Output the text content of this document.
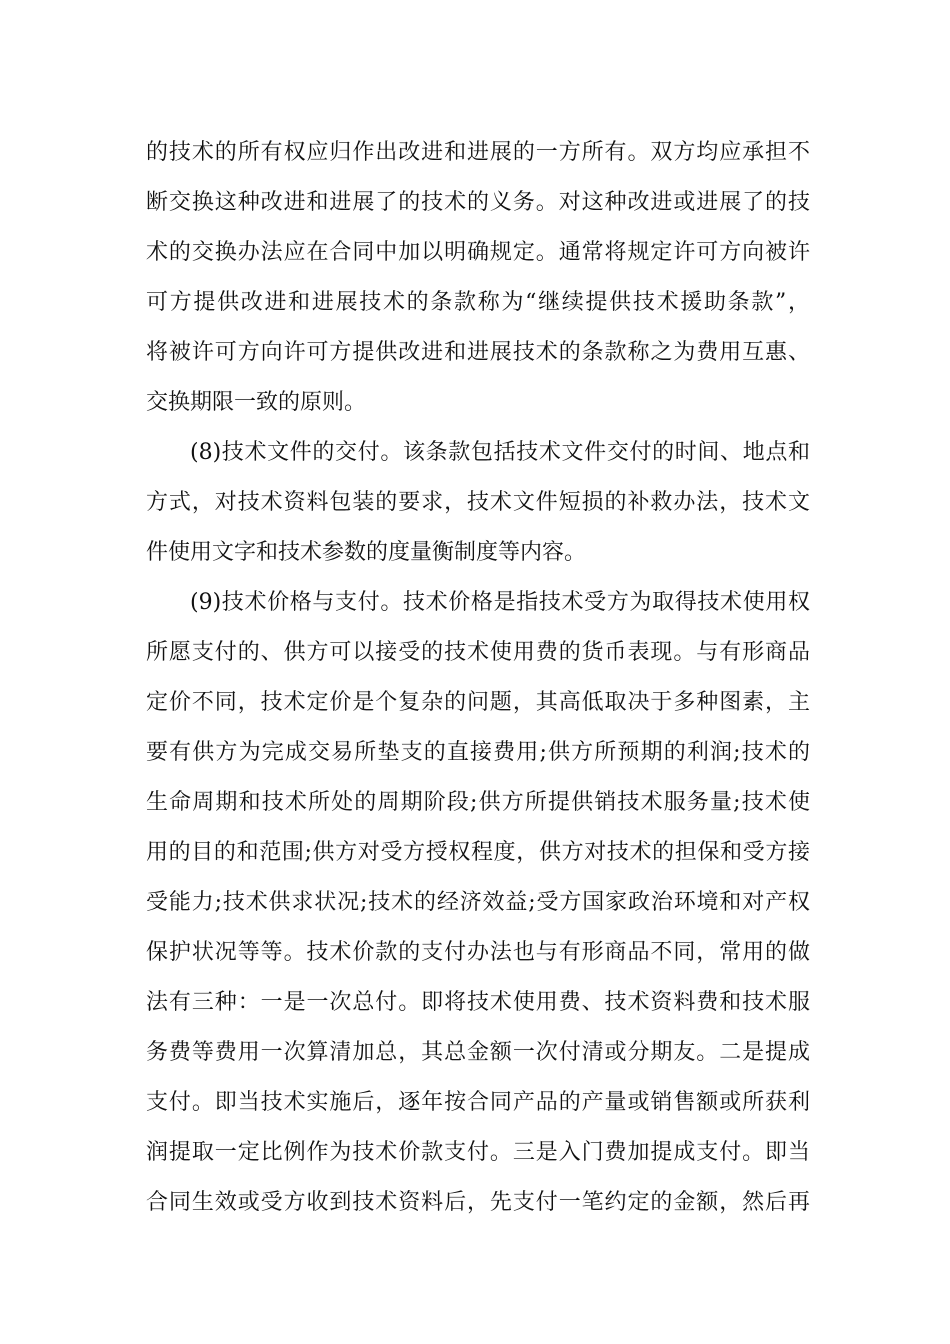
的技术的所有权应归作出改进和进展的一方所有。双方均应承担不
断交换这种改进和进展了的技术的义务。对这种改进或进展了的技
术的交换办法应在合同中加以明确规定。通常将规定许可方向被许
可方提供改进和进展技术的条款称为“继续提供技术援助条款”，
将被许可方向许可方提供改进和进展技术的条款称之为费用互惠、
交换期限一致的原则。
(8)技术文件的交付。该条款包括技术文件交付的时间、地点和
方式，对技术资料包装的要求，技术文件短损的补救办法，技术文
件使用文字和技术参数的度量衡制度等内容。
(9)技术价格与支付。技术价格是指技术受方为取得技术使用权
所愿支付的、供方可以接受的技术使用费的货币表现。与有形商品
定价不同，技术定价是个复杂的问题，其高低取决于多种图素，主
要有供方为完成交易所垫支的直接费用;供方所预期的利润;技术的
生命周期和技术所处的周期阶段;供方所提供销技术服务量;技术使
用的目的和范围;供方对受方授权程度，供方对技术的担保和受方接
受能力;技术供求状况;技术的经济效益;受方国家政治环境和对产权
保护状况等等。技术价款的支付办法也与有形商品不同，常用的做
法有三种：一是一次总付。即将技术使用费、技术资料费和技术服
务费等费用一次算清加总，其总金额一次付清或分期友。二是提成
支付。即当技术实施后，逐年按合同产品的产量或销售额或所获利
润提取一定比例作为技术价款支付。三是入门费加提成支付。即当
合同生效或受方收到技术资料后，先支付一笔约定的金额，然后再
